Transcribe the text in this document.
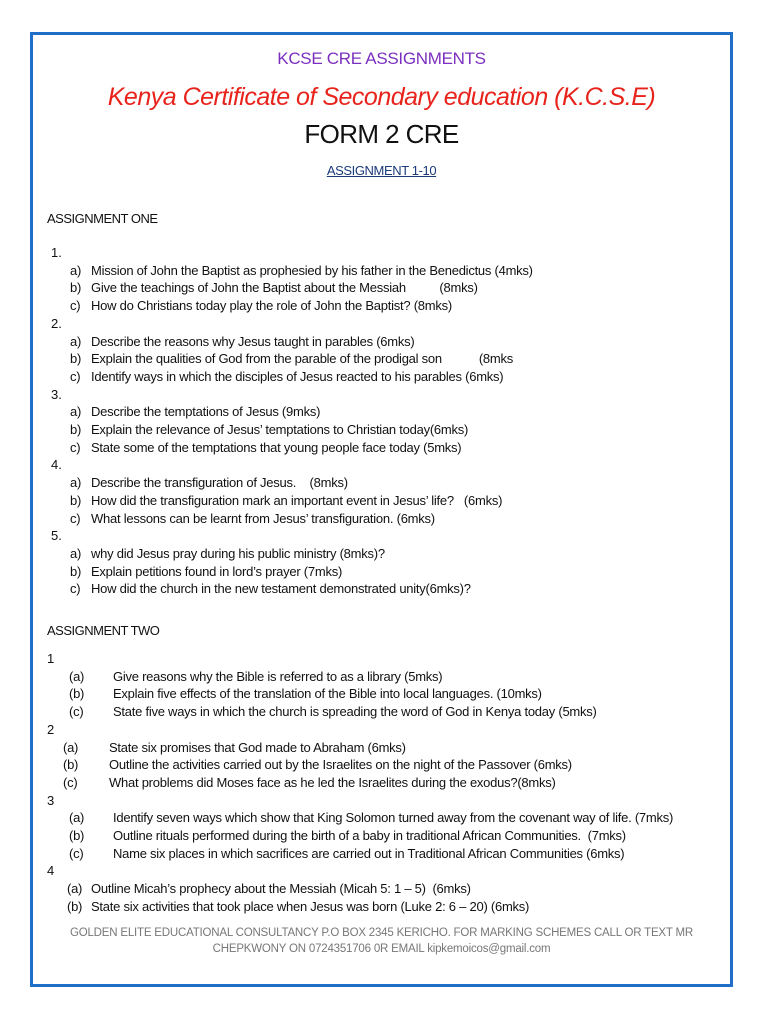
KCSE CRE ASSIGNMENTS
Kenya Certificate of Secondary education (K.C.S.E)
FORM 2 CRE
ASSIGNMENT 1-10
ASSIGNMENT ONE
1.
a) Mission of John the Baptist as prophesied by his father in the Benedictus (4mks)
b) Give the teachings of John the Baptist about the Messiah          (8mks)
c) How do Christians today play the role of John the Baptist? (8mks)
2.
a) Describe the reasons why Jesus taught in parables (6mks)
b) Explain the qualities of God from the parable of the prodigal son           (8mks
c) Identify ways in which the disciples of Jesus reacted to his parables (6mks)
3.
a) Describe the temptations of Jesus (9mks)
b) Explain the relevance of Jesus’ temptations to Christian today(6mks)
c) State some of the temptations that young people face today (5mks)
4.
a) Describe the transfiguration of Jesus.    (8mks)
b) How did the transfiguration mark an important event in Jesus’ life?   (6mks)
c) What lessons can be learnt from Jesus’ transfiguration. (6mks)
5.
a) why did Jesus pray during his public ministry (8mks)?
b) Explain petitions found in lord’s prayer (7mks)
c) How did the church in the new testament demonstrated unity(6mks)?
ASSIGNMENT TWO
1
(a) Give reasons why the Bible is referred to as a library (5mks)
(b) Explain five effects of the translation of the Bible into local languages. (10mks)
(c) State five ways in which the church is spreading the word of God in Kenya today (5mks)
2
(a) State six promises that God made to Abraham (6mks)
(b) Outline the activities carried out by the Israelites on the night of the Passover (6mks)
(c) What problems did Moses face as he led the Israelites during the exodus?(8mks)
3
(a) Identify seven ways which show that King Solomon turned away from the covenant way of life. (7mks)
(b) Outline rituals performed during the birth of a baby in traditional African Communities.  (7mks)
(c) Name six places in which sacrifices are carried out in Traditional African Communities (6mks)
4
(a) Outline Micah’s prophecy about the Messiah (Micah 5: 1 – 5)  (6mks)
(b) State six activities that took place when Jesus was born (Luke 2: 6 – 20) (6mks)
GOLDEN ELITE EDUCATIONAL CONSULTANCY P.O BOX 2345 KERICHO. FOR MARKING SCHEMES CALL OR TEXT MR
CHEPKWONY ON 0724351706 0R EMAIL kipkemoicos@gmail.com
